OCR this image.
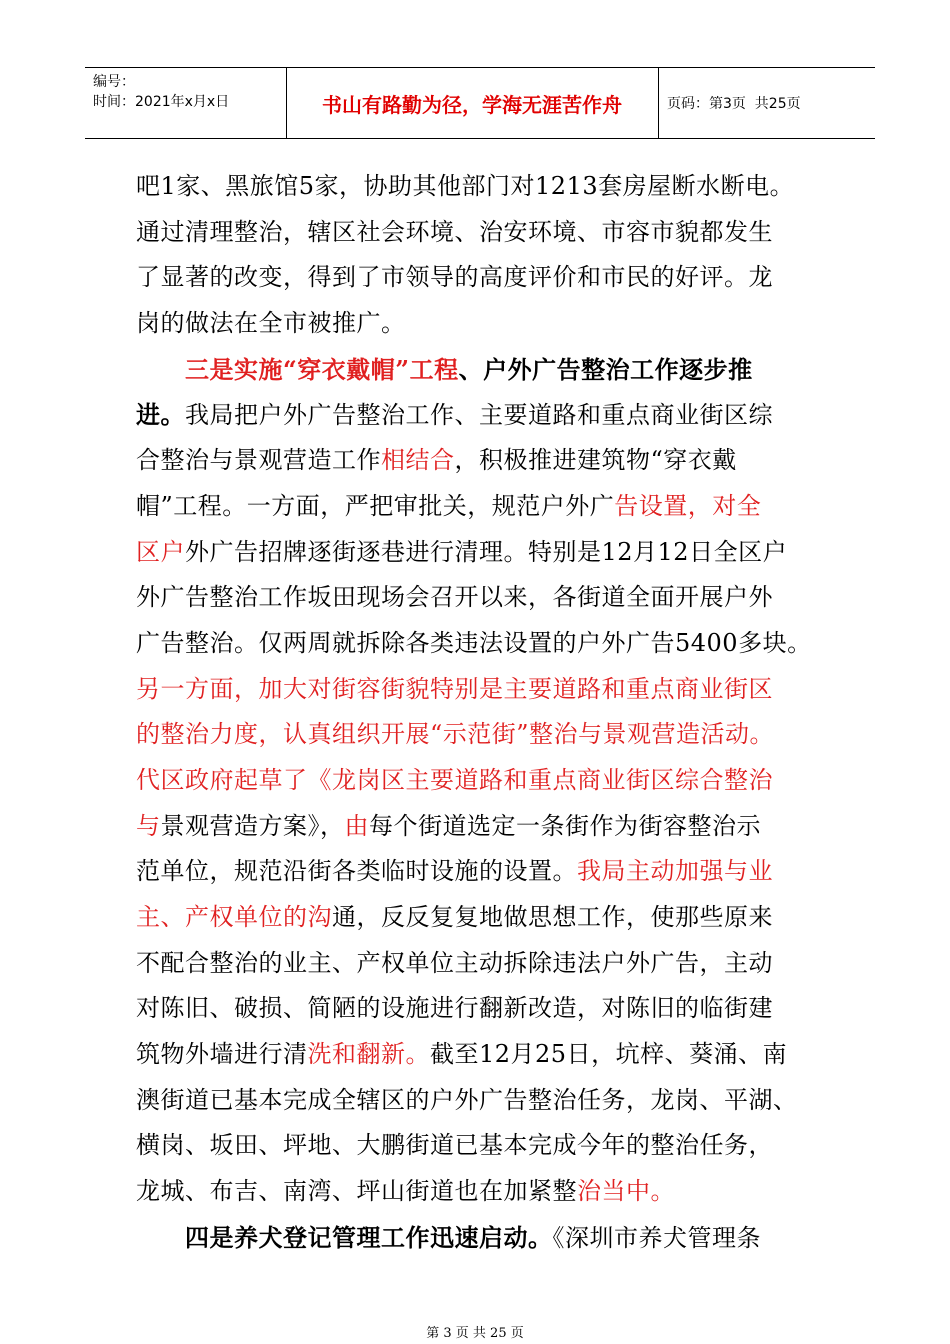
编号：
时间：2021年x月x日	书山有路勤为径，学海无涯苦作舟	页码：第3页  共25页
吧1家、黑旅馆5家，协助其他部门对1213套房屋断水断电。
通过清理整治，辖区社会环境、治安环境、市容市貌都发生
了显著的改变，得到了市领导的高度评价和市民的好评。龙
岗的做法在全市被推广。
　　三是实施“穿衣戴帽”工程、户外广告整治工作逐步推
进。我局把户外广告整治工作、主要道路和重点商业街区综
合整治与景观营造工作相结合，积极推进建筑物“穿衣戴
帽”工程。一方面，严把审批关，规范户外广告设置，对全
区户外广告招牌逐街逐巷进行清理。特别是12月12日全区户
外广告整治工作坂田现场会召开以来，各街道全面开展户外
广告整治。仅两周就拆除各类违法设置的户外广告5400多块。
另一方面，加大对街容街貌特别是主要道路和重点商业街区
的整治力度，认真组织开展“示范街”整治与景观营造活动。
代区政府起草了《龙岗区主要道路和重点商业街区综合整治
与景观营造方案》，由每个街道选定一条街作为街容整治示
范单位，规范沿街各类临时设施的设置。我局主动加强与业
主、产权单位的沟通，反反复复地做思想工作，使那些原来
不配合整治的业主、产权单位主动拆除违法户外广告，主动
对陈旧、破损、简陋的设施进行翻新改造，对陈旧的临街建
筑物外墙进行清洗和翻新。截至12月25日，坑梓、葵涌、南
澳街道已基本完成全辖区的户外广告整治任务，龙岗、平湖、
横岗、坂田、坪地、大鹏街道已基本完成今年的整治任务，
龙城、布吉、南湾、坪山街道也在加紧整治当中。
　　四是养犬登记管理工作迅速启动。《深圳市养犬管理条
第 3 页 共 25 页
